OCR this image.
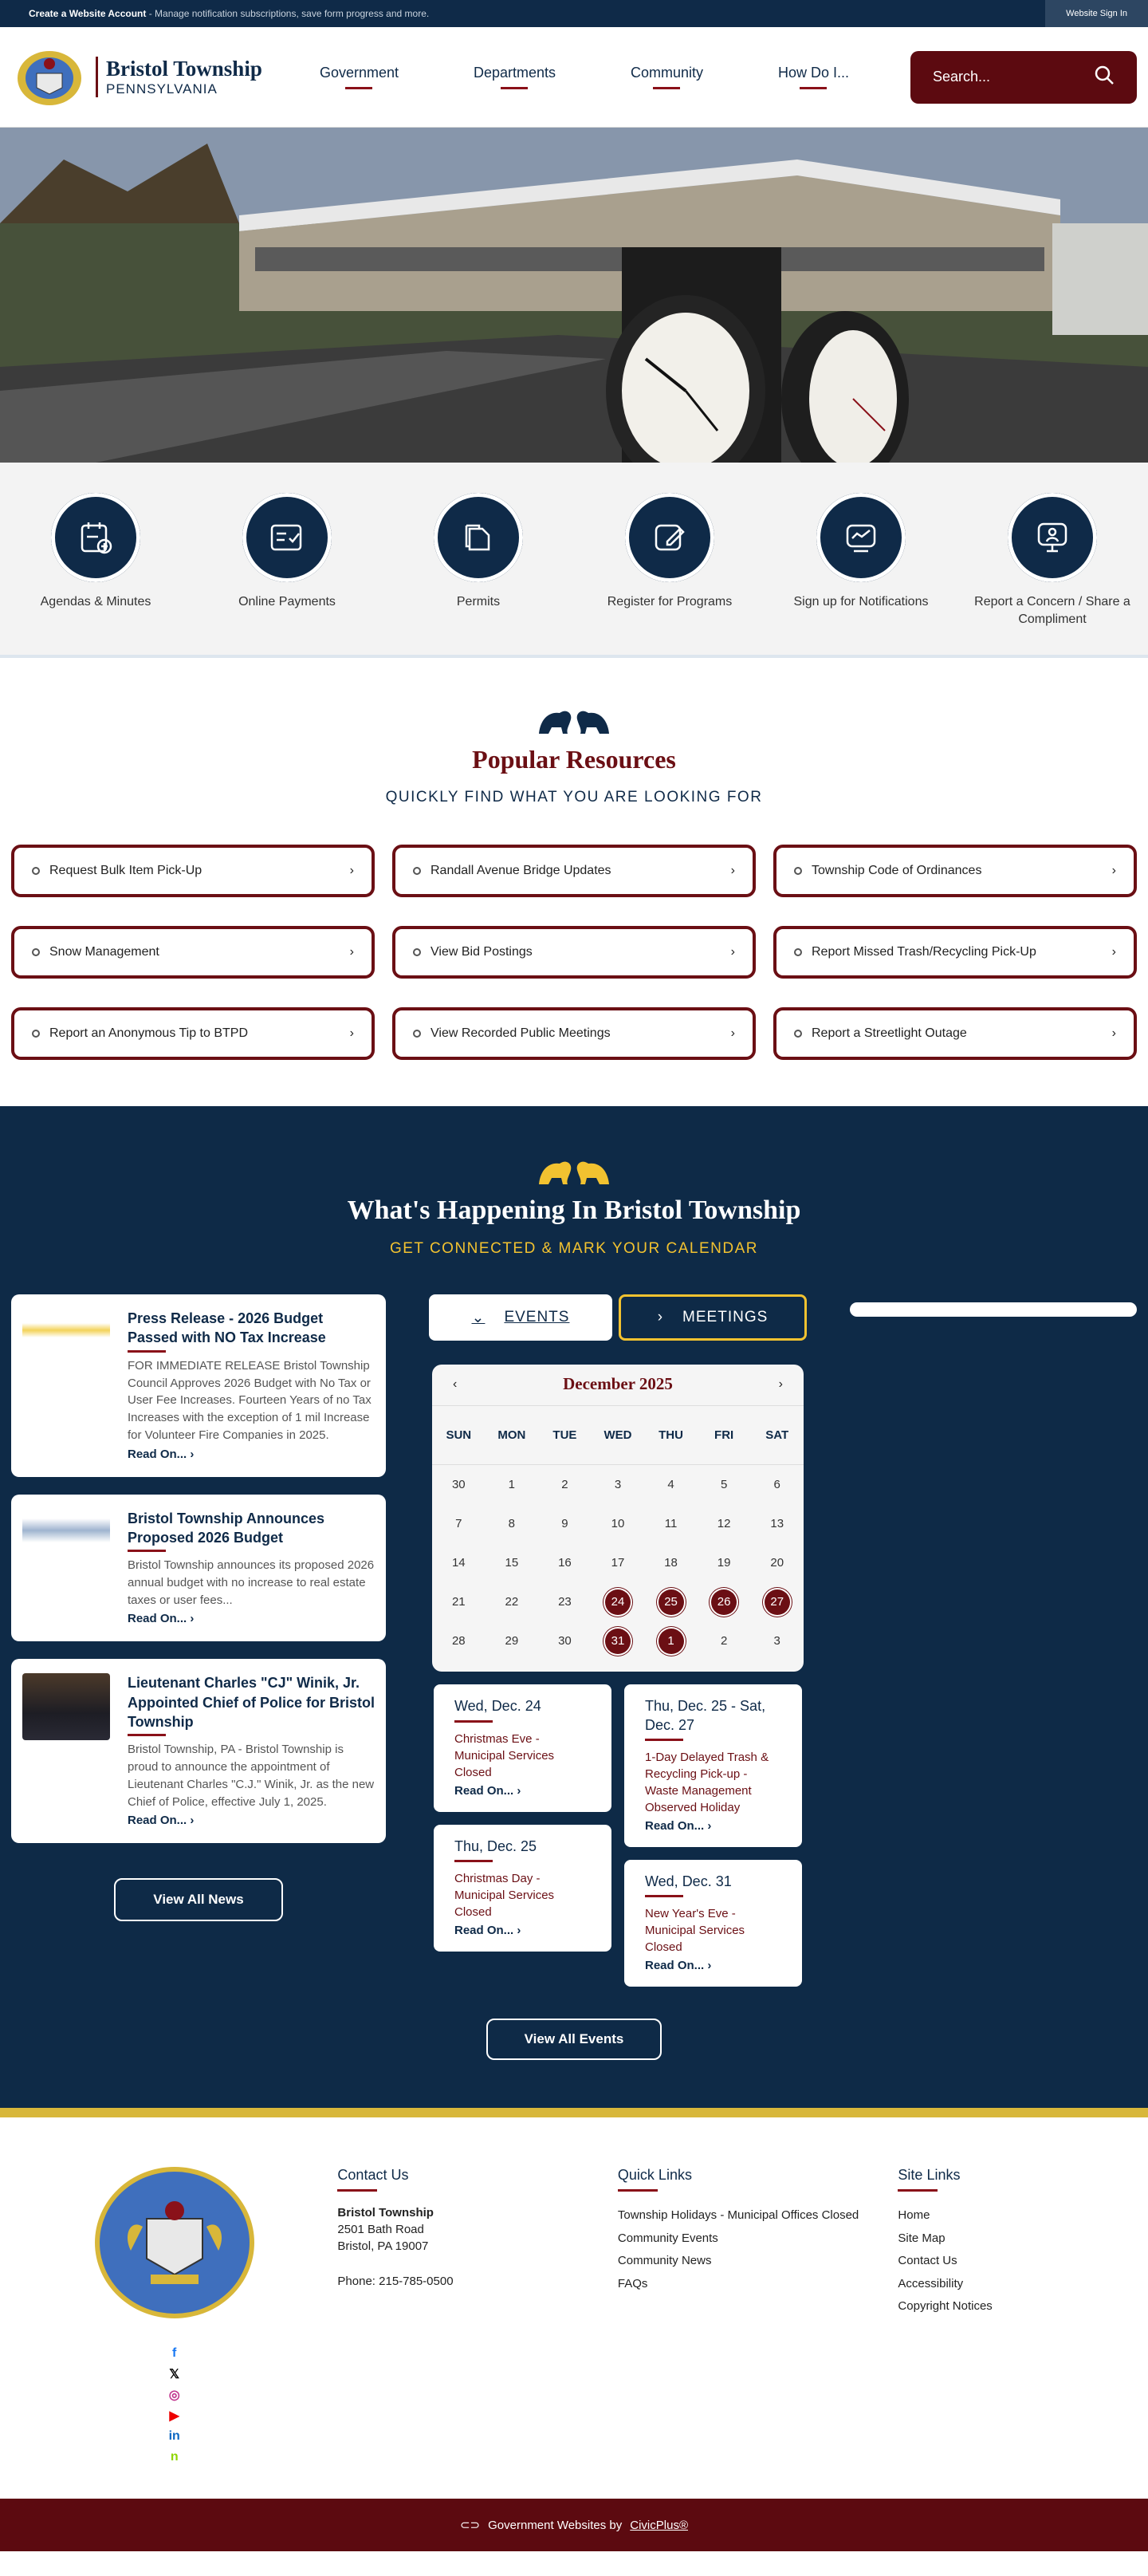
Create a Website Account - Manage notification subscriptions, save form progress and more.	Website Sign In
Bristol Township
PENNSYLVANIA
Government	Departments	Community	How Do I...	Search...
Agendas & Minutes	Online Payments	Permits	Register for Programs	Sign up for Notifications	Report a Concern / Share a Compliment
Popular Resources
QUICKLY FIND WHAT YOU ARE LOOKING FOR
Request Bulk Item Pick-Up	›	Randall Avenue Bridge Updates	›	Township Code of Ordinances	›
Snow Management	›	View Bid Postings	›	Report Missed Trash/Recycling Pick-Up	›
Report an Anonymous Tip to BTPD	›	View Recorded Public Meetings	›	Report a Streetlight Outage	›
What's Happening In Bristol Township
GET CONNECTED & MARK YOUR CALENDAR
Press Release - 2026 Budget Passed with NO Tax Increase

FOR IMMEDIATE RELEASE Bristol Township Council Approves 2026 Budget with No Tax or User Fee Increases. Fourteen Years of no Tax Increases with the exception of 1 mil Increase for Volunteer Fire Companies in 2025.

Read On... ›
Bristol Township Announces Proposed 2026 Budget

Bristol Township announces its proposed 2026 annual budget with no increase to real estate taxes or user fees...

Read On... ›
Lieutenant Charles "CJ" Winik, Jr. Appointed Chief of Police for Bristol Township

Bristol Township, PA - Bristol Township is proud to announce the appointment of Lieutenant Charles "C.J." Winik, Jr. as the new Chief of Police, effective July 1, 2025.

Read On... ›
View All News
⌄ EVENTS	› MEETINGS
‹	December 2025	›
SUN	MON	TUE	WED	THU	FRI	SAT
30	1	2	3	4	5	6
7	8	9	10	11	12	13
14	15	16	17	18	19	20
21	22	23	24	25	26	27
28	29	30	31	1	2	3
Wed, Dec. 24

Christmas Eve - Municipal Services Closed

Read On... ›
Thu, Dec. 25

Christmas Day - Municipal Services Closed

Read On... ›
Thu, Dec. 25 - Sat, Dec. 27

1-Day Delayed Trash & Recycling Pick-up - Waste Management Observed Holiday

Read On... ›
Wed, Dec. 31

New Year's Eve - Municipal Services Closed

Read On... ›
View All Events
f
𝕏
◎
▶
in
n
Contact Us
Bristol Township
2501 Bath Road
Bristol, PA 19007
Phone: 215-785-0500
Quick Links
Township Holidays - Municipal Offices Closed
Community Events
Community News
FAQs
Site Links
Home
Site Map
Contact Us
Accessibility
Copyright Notices
⊂⊃ Government Websites by CivicPlus®
